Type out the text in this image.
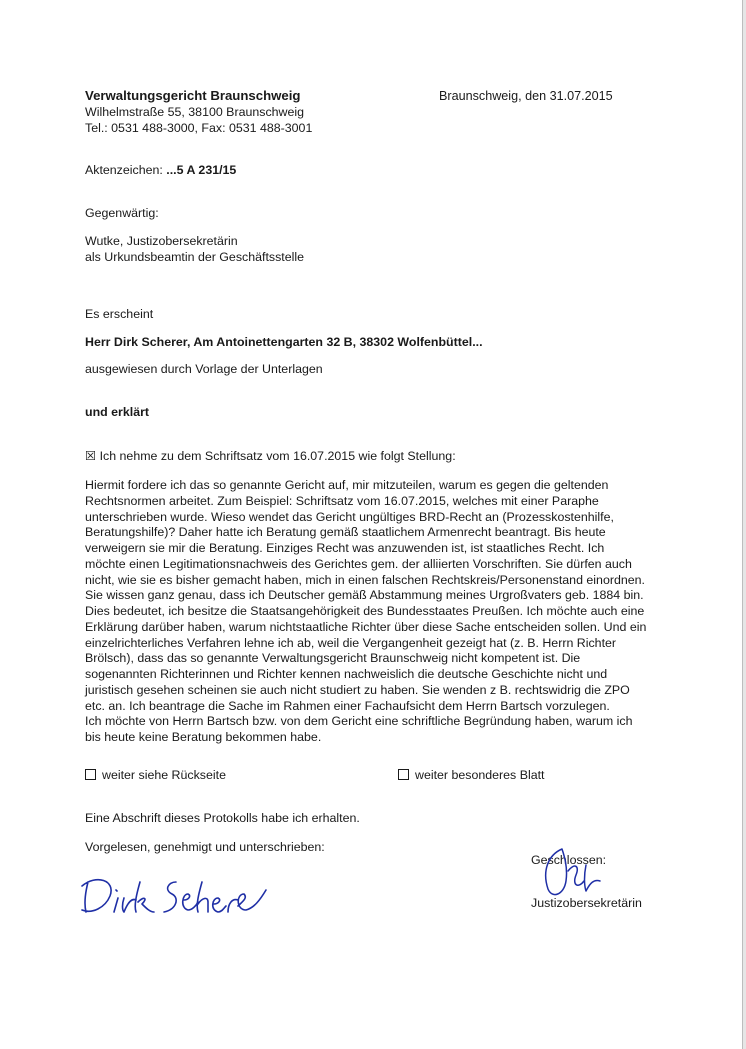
Verwaltungsgericht Braunschweig
Wilhelmstraße 55, 38100 Braunschweig
Tel.: 0531 488-3000, Fax: 0531 488-3001
Braunschweig, den 31.07.2015
Aktenzeichen: ...5 A 231/15
Gegenwärtig:
Wutke, Justizobersekretärin
als Urkundsbeamtin der Geschäftsstelle
Es erscheint
Herr Dirk Scherer, Am Antoinettengarten 32 B, 38302 Wolfenbüttel...
ausgewiesen durch Vorlage der Unterlagen
und erklärt
☒ Ich nehme zu dem Schriftsatz vom 16.07.2015 wie folgt Stellung:

Hiermit fordere ich das so genannte Gericht auf, mir mitzuteilen, warum es gegen die geltenden

Rechtsnormen arbeitet. Zum Beispiel: Schriftsatz vom 16.07.2015, welches mit einer Paraphe

unterschrieben wurde. Wieso wendet das Gericht ungültiges BRD-Recht an (Prozesskostenhilfe,

Beratungshilfe)? Daher hatte ich Beratung gemäß staatlichem Armenrecht beantragt. Bis heute

verweigern sie mir die Beratung. Einziges Recht was anzuwenden ist, ist staatliches Recht. Ich

möchte einen Legitimationsnachweis des Gerichtes gem. der alliierten Vorschriften. Sie dürfen auch

nicht, wie sie es bisher gemacht haben, mich in einen falschen Rechtskreis/Personenstand einordnen.

Sie wissen ganz genau, dass ich Deutscher gemäß Abstammung meines Urgroßvaters geb. 1884 bin.

Dies bedeutet, ich besitze die Staatsangehörigkeit des Bundesstaates Preußen. Ich möchte auch eine

Erklärung darüber haben, warum nichtstaatliche Richter über diese Sache entscheiden sollen. Und ein

einzelrichterliches Verfahren lehne ich ab, weil die Vergangenheit gezeigt hat (z. B. Herrn Richter

Brölsch), dass das so genannte Verwaltungsgericht Braunschweig nicht kompetent ist. Die

sogenannten Richterinnen und Richter kennen nachweislich die deutsche Geschichte nicht und

juristisch gesehen scheinen sie auch nicht studiert zu haben. Sie wenden z B. rechtswidrig die ZPO

etc. an. Ich beantrage die Sache im Rahmen einer Fachaufsicht dem Herrn Bartsch vorzulegen.

Ich möchte von Herrn Bartsch bzw. von dem Gericht eine schriftliche Begründung haben, warum ich

bis heute keine Beratung bekommen habe.

weiter siehe Rückseite	weiter besonderes Blatt
Eine Abschrift dieses Protokolls habe ich erhalten.
Vorgelesen, genehmigt und unterschrieben:
Geschlossen:
Justizobersekretärin
